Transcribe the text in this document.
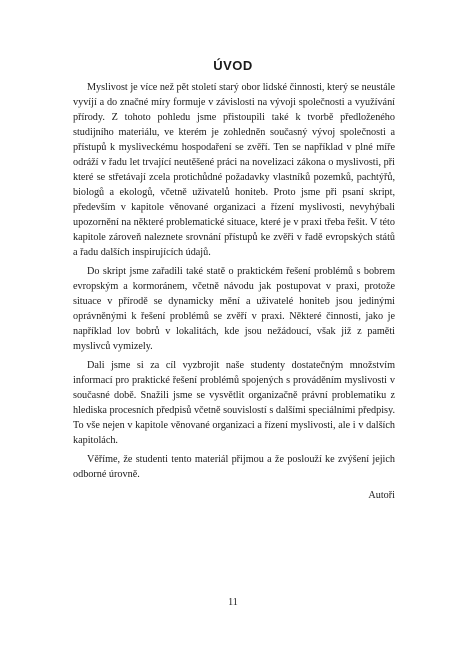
ÚVOD

Myslivost je více než pět století starý obor lidské činnosti, který se neustále vyvíjí a do značné míry formuje v závislosti na vývoji společnosti a využívání přírody. Z tohoto pohledu jsme přistoupili také k tvorbě předloženého studijního materiálu, ve kterém je zohledněn současný vývoj společnosti a přístupů k mysliveckému hospodaření se zvěří. Ten se například v plné míře odráží v řadu let trvající neutěšené práci na novelizaci zákona o myslivosti, při které se střetávají zcela protichůdné požadavky vlastníků pozemků, pachtýřů, biologů a ekologů, včetně uživatelů honiteb. Proto jsme při psaní skript, především v kapitole věnované organizaci a řízení myslivosti, nevyhýbali upozornění na některé problematické situace, které je v praxi třeba řešit. V této kapitole zároveň naleznete srovnání přístupů ke zvěři v řadě evropských států a řadu dalších inspirujících údajů.

Do skript jsme zařadili také statě o praktickém řešení problémů s bobrem evropským a kormoránem, včetně návodu jak postupovat v praxi, protože situace v přírodě se dynamicky mění a uživatelé honiteb jsou jedinými oprávněnými k řešení problémů se zvěří v praxi. Některé činnosti, jako je například lov bobrů v lokalitách, kde jsou nežádoucí, však již z paměti myslivců vymizely.

Dali jsme si za cíl vyzbrojit naše studenty dostatečným množstvím informací pro praktické řešení problémů spojených s prováděním myslivosti v současné době. Snažili jsme se vysvětlit organizačně právní problematiku z hlediska procesních předpisů včetně souvislostí s dalšími speciálními předpisy. To vše nejen v kapitole věnované organizaci a řízení myslivosti, ale i v dalších kapitolách.

Věříme, že studenti tento materiál přijmou a že poslouží ke zvýšení jejich odborné úrovně.

Autoři

11
